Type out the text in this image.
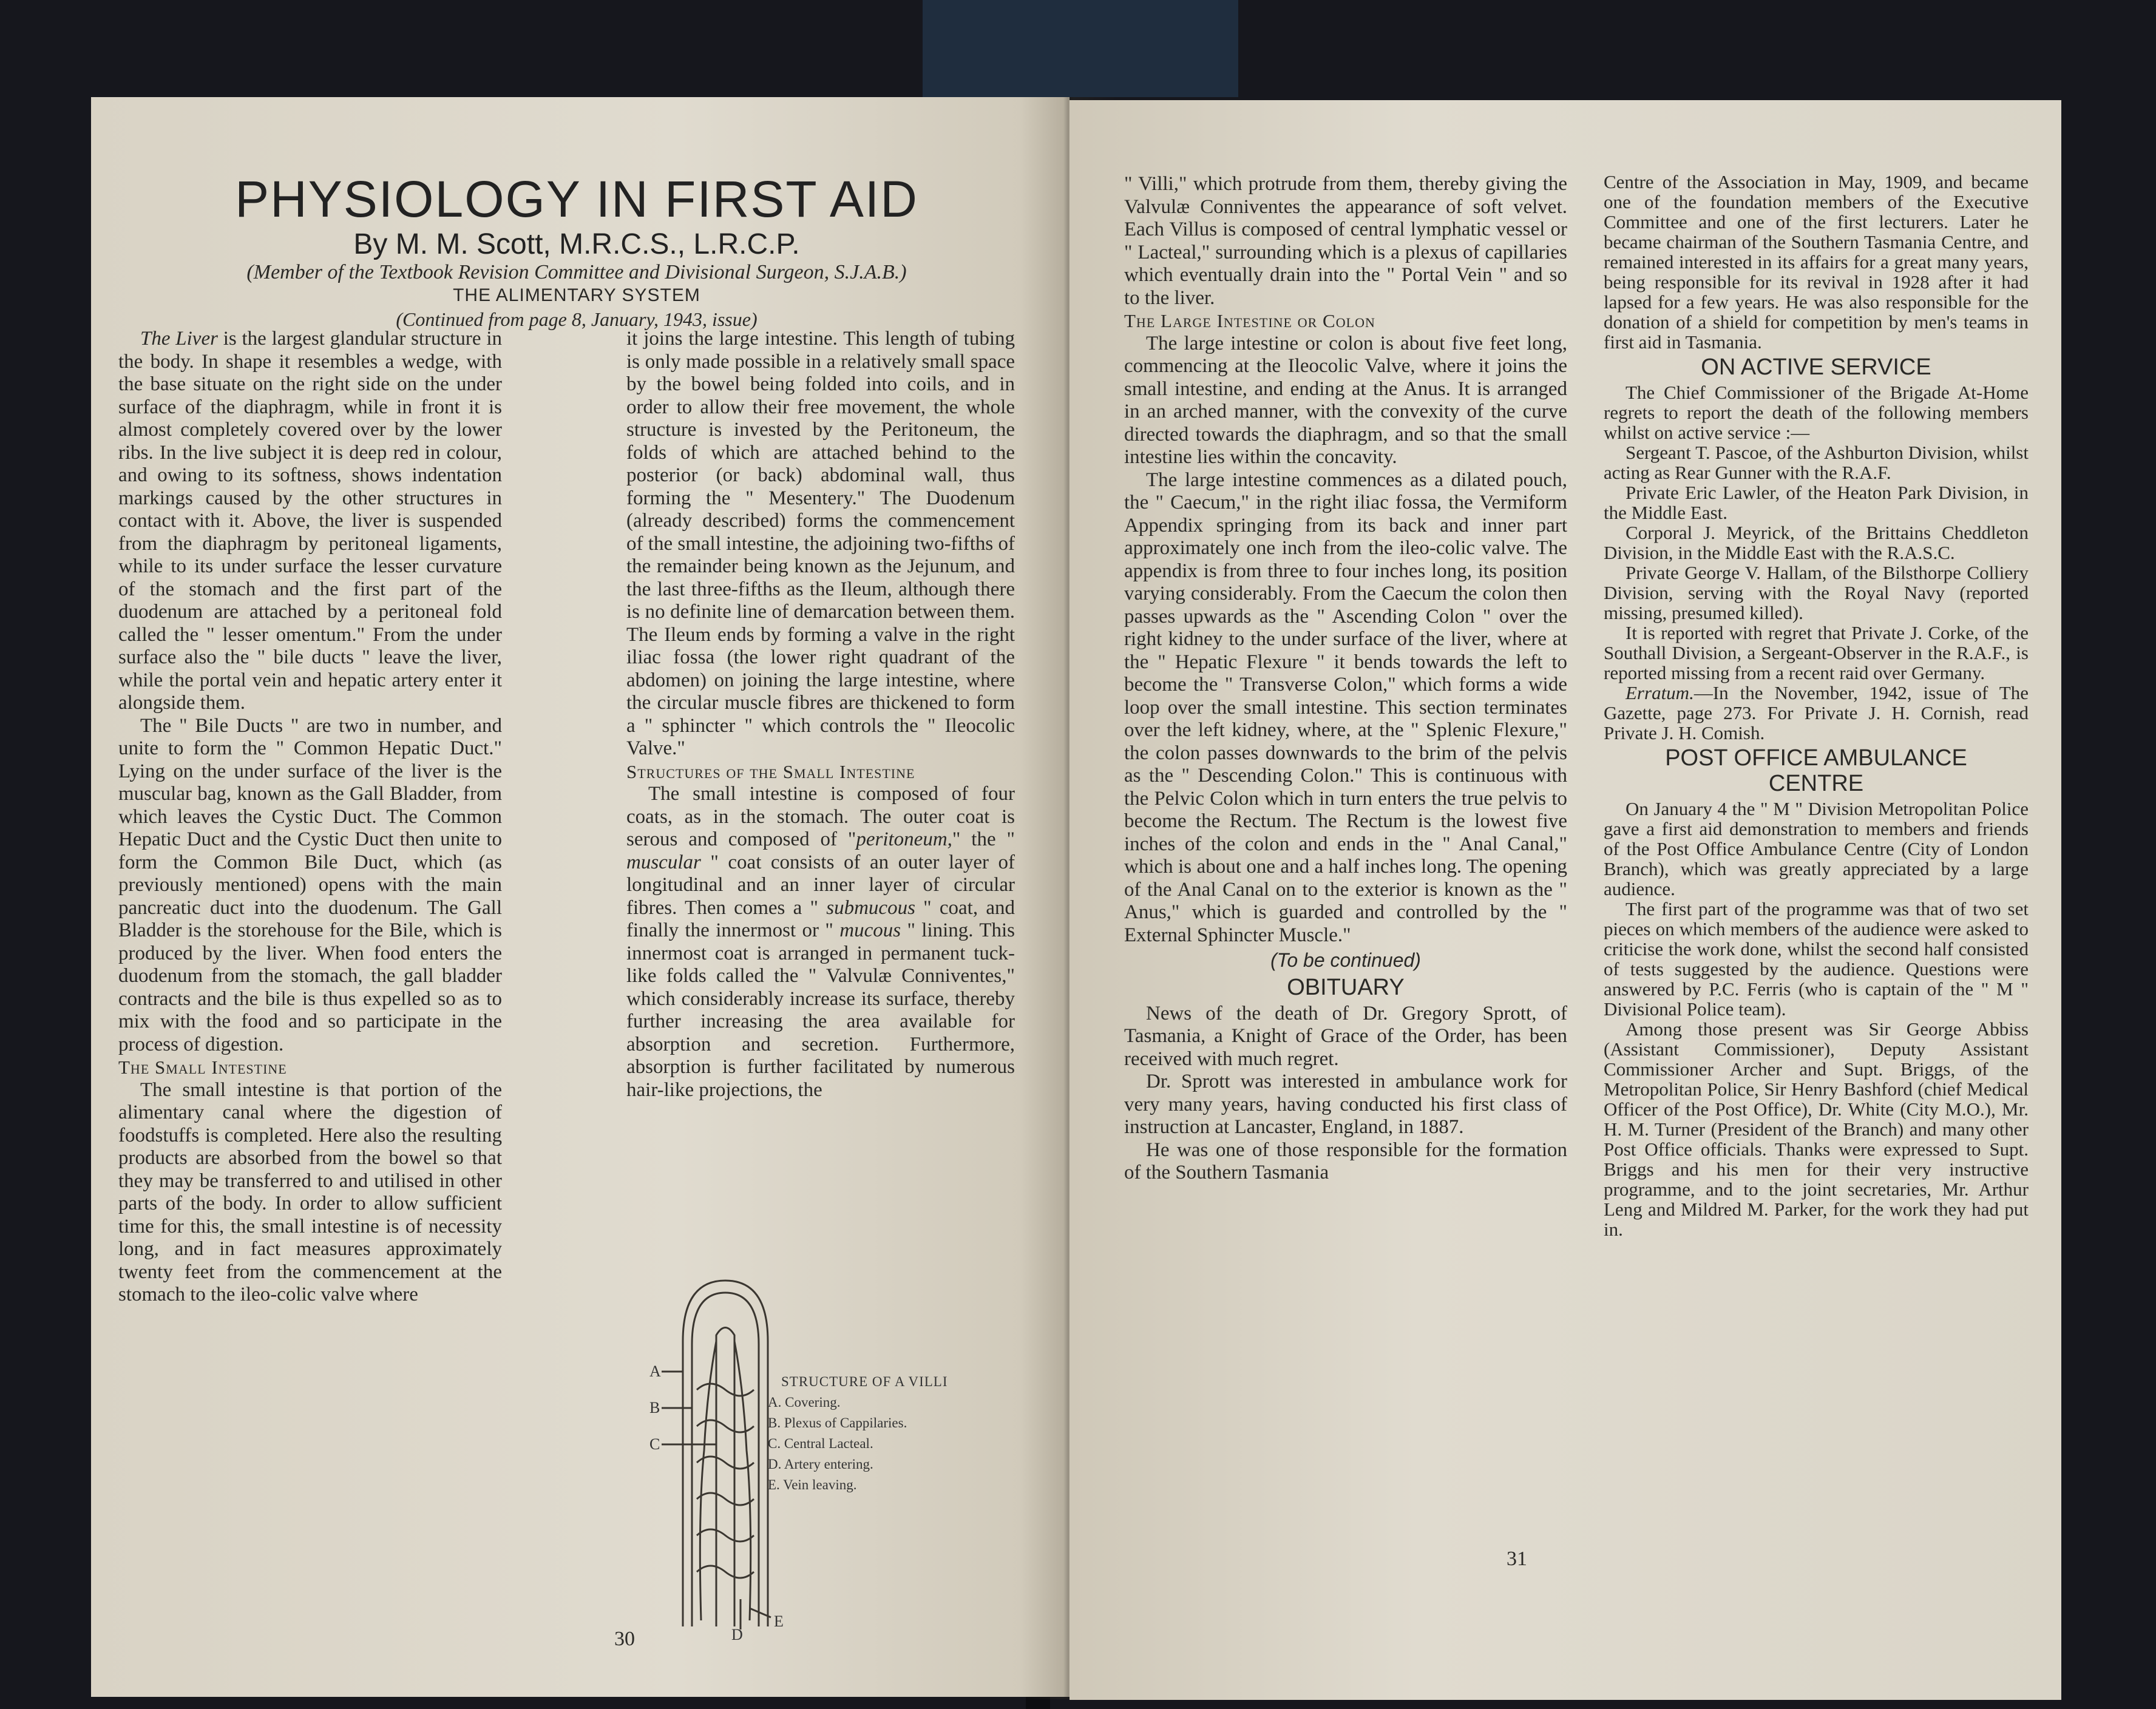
PHYSIOLOGY IN FIRST AID
By M. M. Scott, M.R.C.S., L.R.C.P.
(Member of the Textbook Revision Committee and Divisional Surgeon, S.J.A.B.)
THE ALIMENTARY SYSTEM
(Continued from page 8, January, 1943, issue)

The Liver is the largest glandular structure in the body. In shape it resembles a wedge, with the base situate on the right side on the under surface of the diaphragm, while in front it is almost completely covered over by the lower ribs. In the live subject it is deep red in colour, and owing to its softness, shows indentation markings caused by the other structures in contact with it. Above, the liver is suspended from the diaphragm by peritoneal ligaments, while to its under surface the lesser curvature of the stomach and the first part of the duodenum are attached by a peritoneal fold called the " lesser omentum." From the under surface also the " bile ducts " leave the liver, while the portal vein and hepatic artery enter it alongside them.

The " Bile Ducts " are two in number, and unite to form the " Common Hepatic Duct." Lying on the under surface of the liver is the muscular bag, known as the Gall Bladder, from which leaves the Cystic Duct. The Common Hepatic Duct and the Cystic Duct then unite to form the Common Bile Duct, which (as previously mentioned) opens with the main pancreatic duct into the duodenum. The Gall Bladder is the storehouse for the Bile, which is produced by the liver. When food enters the duodenum from the stomach, the gall bladder contracts and the bile is thus expelled so as to mix with the food and so participate in the process of digestion.

The Small Intestine

The small intestine is that portion of the alimentary canal where the digestion of foodstuffs is completed. Here also the resulting products are absorbed from the bowel so that they may be transferred to and utilised in other parts of the body. In order to allow sufficient time for this, the small intestine is of necessity long, and in fact measures approximately twenty feet from the commencement at the stomach to the ileo-colic valve where

it joins the large intestine. This length of tubing is only made possible in a relatively small space by the bowel being folded into coils, and in order to allow their free movement, the whole structure is invested by the Peritoneum, the folds of which are attached behind to the posterior (or back) abdominal wall, thus forming the " Mesentery." The Duodenum (already described) forms the commencement of the small intestine, the adjoining two-fifths of the remainder being known as the Jejunum, and the last three-fifths as the Ileum, although there is no definite line of demarcation between them. The Ileum ends by forming a valve in the right iliac fossa (the lower right quadrant of the abdomen) on joining the large intestine, where the circular muscle fibres are thickened to form a " sphincter " which controls the " Ileocolic Valve."

Structures of the Small Intestine

The small intestine is composed of four coats, as in the stomach. The outer coat is serous and composed of "peritoneum," the " muscular " coat consists of an outer layer of longitudinal and an inner layer of circular fibres. Then comes a " submucous " coat, and finally the innermost or " mucous " lining. This innermost coat is arranged in permanent tuck-like folds called the " Valvulæ Conniventes," which considerably increase its surface, thereby further increasing the area available for absorption and secretion. Furthermore, absorption is further facilitated by numerous hair-like projections, the

A
B
C
D
E
STRUCTURE OF A VILLI
A. Covering.
B. Plexus of Cappilaries.
C. Central Lacteal.
D. Artery entering.
E. Vein leaving.
30

" Villi," which protrude from them, thereby giving the Valvulæ Conniventes the appearance of soft velvet. Each Villus is composed of central lymphatic vessel or " Lacteal," surrounding which is a plexus of capillaries which eventually drain into the " Portal Vein " and so to the liver.

The Large Intestine or Colon

The large intestine or colon is about five feet long, commencing at the Ileocolic Valve, where it joins the small intestine, and ending at the Anus. It is arranged in an arched manner, with the convexity of the curve directed towards the diaphragm, and so that the small intestine lies within the concavity.

The large intestine commences as a dilated pouch, the " Caecum," in the right iliac fossa, the Vermiform Appendix springing from its back and inner part approximately one inch from the ileo-colic valve. The appendix is from three to four inches long, its position varying considerably. From the Caecum the colon then passes upwards as the " Ascending Colon " over the right kidney to the under surface of the liver, where at the " Hepatic Flexure " it bends towards the left to become the " Transverse Colon," which forms a wide loop over the small intestine. This section terminates over the left kidney, where, at the " Splenic Flexure," the colon passes downwards to the brim of the pelvis as the " Descending Colon." This is continuous with the Pelvic Colon which in turn enters the true pelvis to become the Rectum. The Rectum is the lowest five inches of the colon and ends in the " Anal Canal," which is about one and a half inches long. The opening of the Anal Canal on to the exterior is known as the " Anus," which is guarded and controlled by the " External Sphincter Muscle."

(To be continued)
OBITUARY

News of the death of Dr. Gregory Sprott, of Tasmania, a Knight of Grace of the Order, has been received with much regret.

Dr. Sprott was interested in ambulance work for very many years, having conducted his first class of instruction at Lancaster, England, in 1887.

He was one of those responsible for the formation of the Southern Tasmania

Centre of the Association in May, 1909, and became one of the foundation members of the Executive Committee and one of the first lecturers. Later he became chairman of the Southern Tasmania Centre, and remained interested in its affairs for a great many years, being responsible for its revival in 1928 after it had lapsed for a few years. He was also responsible for the donation of a shield for competition by men's teams in first aid in Tasmania.

ON ACTIVE SERVICE

The Chief Commissioner of the Brigade At-Home regrets to report the death of the following members whilst on active service :—

Sergeant T. Pascoe, of the Ashburton Division, whilst acting as Rear Gunner with the R.A.F.

Private Eric Lawler, of the Heaton Park Division, in the Middle East.

Corporal J. Meyrick, of the Brittains Cheddleton Division, in the Middle East with the R.A.S.C.

Private George V. Hallam, of the Bilsthorpe Colliery Division, serving with the Royal Navy (reported missing, presumed killed).

It is reported with regret that Private J. Corke, of the Southall Division, a Sergeant-Observer in the R.A.F., is reported missing from a recent raid over Germany.

Erratum.—In the November, 1942, issue of The Gazette, page 273. For Private J. H. Cornish, read Private J. H. Comish.

POST OFFICE AMBULANCE
CENTRE

On January 4 the " M " Division Metropolitan Police gave a first aid demonstration to members and friends of the Post Office Ambulance Centre (City of London Branch), which was greatly appreciated by a large audience.

The first part of the programme was that of two set pieces on which members of the audience were asked to criticise the work done, whilst the second half consisted of tests suggested by the audience. Questions were answered by P.C. Ferris (who is captain of the " M " Divisional Police team).

Among those present was Sir George Abbiss (Assistant Commissioner), Deputy Assistant Commissioner Archer and Supt. Briggs, of the Metropolitan Police, Sir Henry Bashford (chief Medical Officer of the Post Office), Dr. White (City M.O.), Mr. H. M. Turner (President of the Branch) and many other Post Office officials. Thanks were expressed to Supt. Briggs and his men for their very instructive programme, and to the joint secretaries, Mr. Arthur Leng and Mildred M. Parker, for the work they had put in.

31
